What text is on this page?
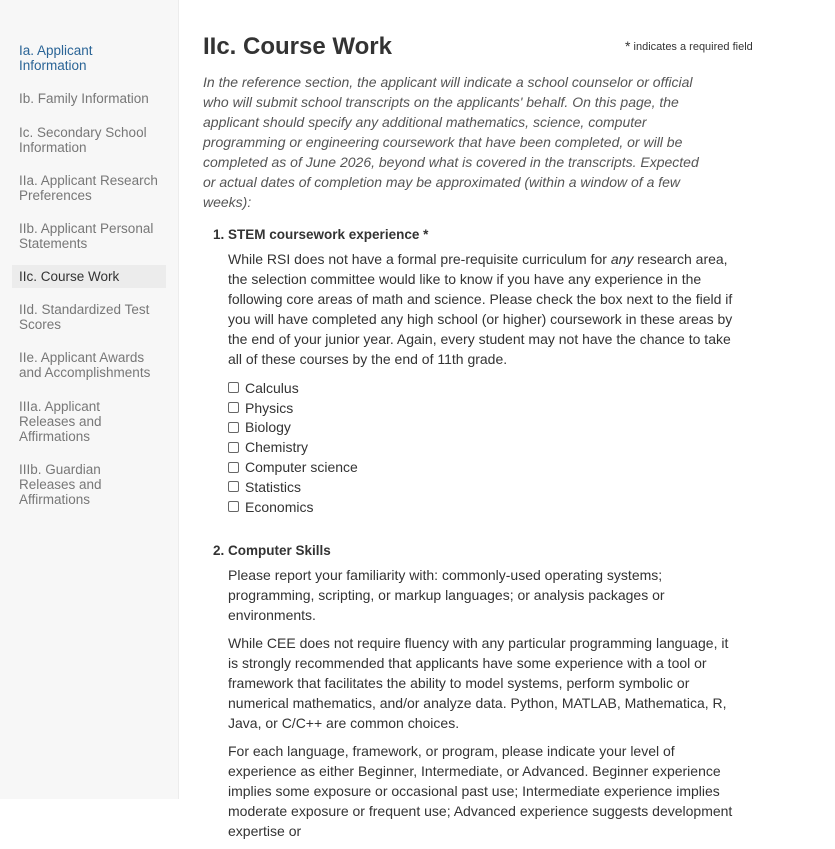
Ia. Applicant Information
Ib. Family Information
Ic. Secondary School Information
IIa. Applicant Research Preferences
IIb. Applicant Personal Statements
IIc. Course Work
IId. Standardized Test Scores
IIe. Applicant Awards and Accomplishments
IIIa. Applicant Releases and Affirmations
IIIb. Guardian Releases and Affirmations
IIc. Course Work	* indicates a required field

In the reference section, the applicant will indicate a school counselor or official who will submit school transcripts on the applicants' behalf. On this page, the applicant should specify any additional mathematics, science, computer programming or engineering coursework that have been completed, or will be completed as of June 2026, beyond what is covered in the transcripts. Expected or actual dates of completion may be approximated (within a window of a few weeks):

1. STEM coursework experience *
While RSI does not have a formal pre-requisite curriculum for any research area, the selection committee would like to know if you have any experience in the following core areas of math and science. Please check the box next to the field if you will have completed any high school (or higher) coursework in these areas by the end of your junior year. Again, every student may not have the chance to take all of these courses by the end of 11th grade.
Calculus
Physics
Biology
Chemistry
Computer science
Statistics
Economics
2. Computer Skills

Please report your familiarity with: commonly-used operating systems; programming, scripting, or markup languages; or analysis packages or environments.

While CEE does not require fluency with any particular programming language, it is strongly recommended that applicants have some experience with a tool or framework that facilitates the ability to model systems, perform symbolic or numerical mathematics, and/or analyze data. Python, MATLAB, Mathematica, R, Java, or C/C++ are common choices.

For each language, framework, or program, please indicate your level of experience as either Beginner, Intermediate, or Advanced. Beginner experience implies some exposure or occasional past use; Intermediate experience implies moderate exposure or frequent use; Advanced experience suggests development expertise or
